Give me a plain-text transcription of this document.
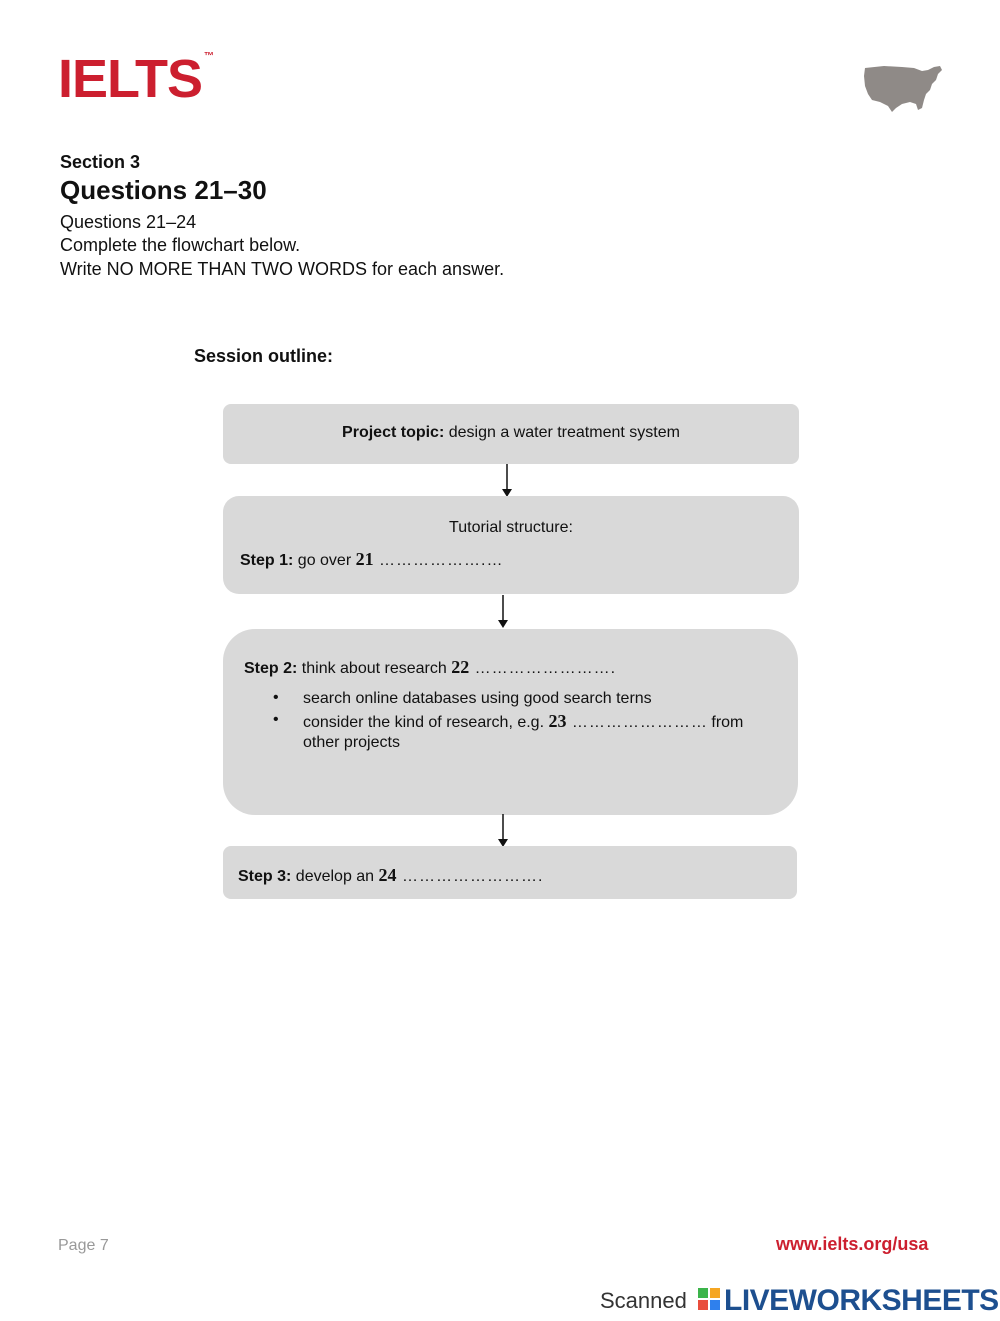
IELTS ™
Section 3
Questions 21–30
Questions 21–24
Complete the flowchart below.
Write NO MORE THAN TWO WORDS for each answer.
Session outline:
Project topic: design a water treatment system
Tutorial structure:
Step 1: go over 21 ……………….…
Step 2: think about research 22 …………………….
• search online databases using good search terns
• consider the kind of research, e.g. 23 …………………… from
other projects
Step 3: develop an 24 …………………….
Page 7	www.ielts.org/usa
Scanned LIVEWORKSHEETS
